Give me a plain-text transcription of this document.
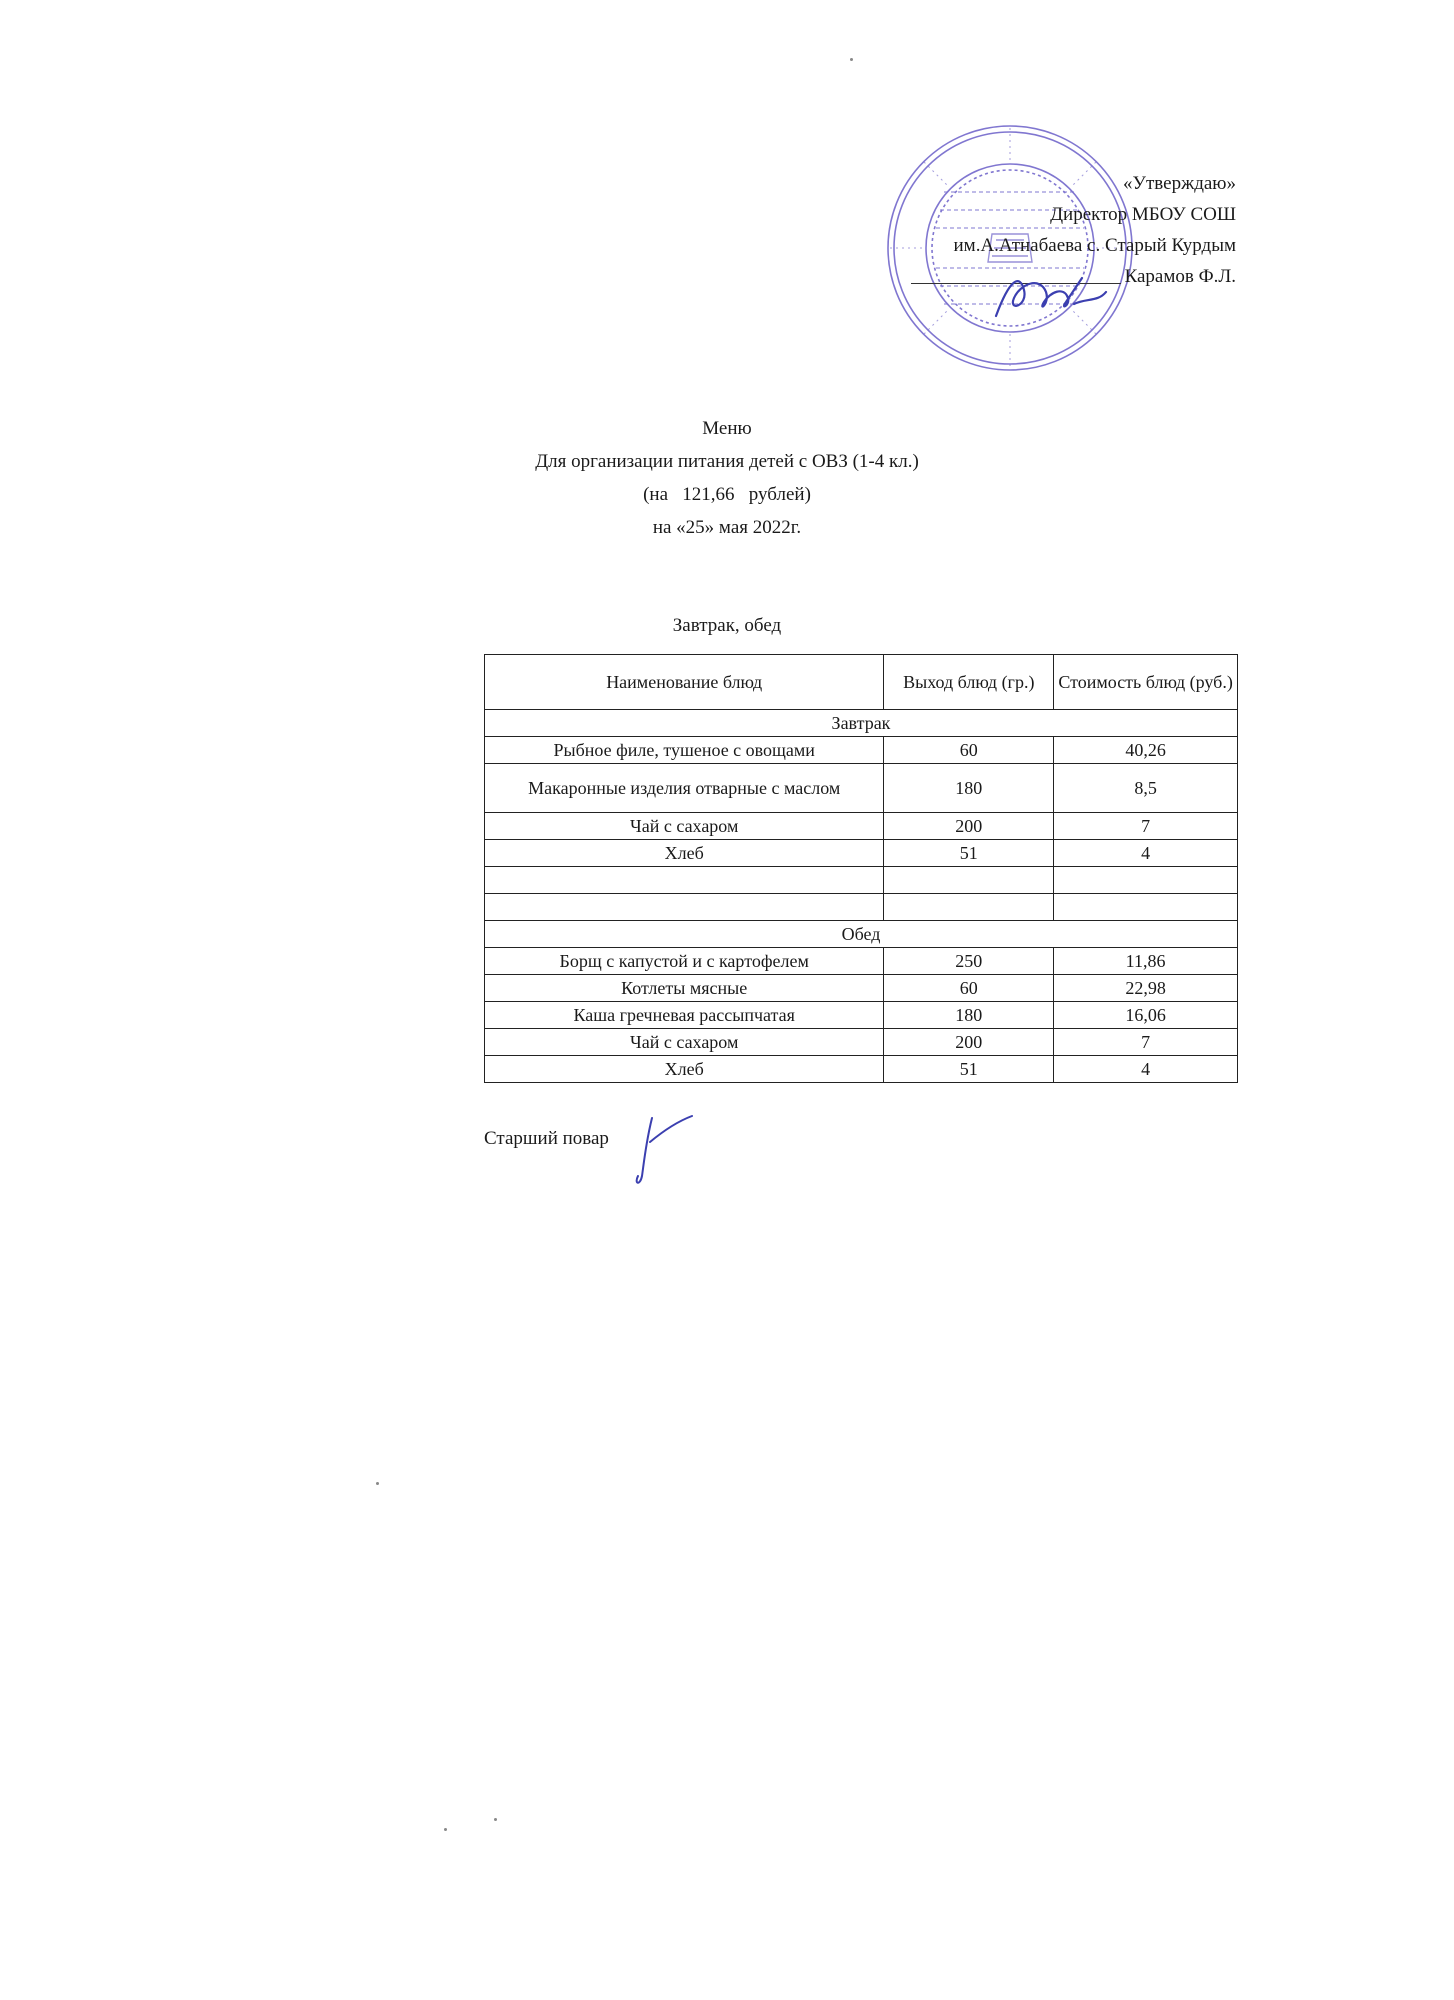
«Утверждаю»
Директор МБОУ СОШ
им.А.Атнабаева с. Старый Курдым
Карамов Ф.Л.
Меню
Для организации питания детей с ОВЗ (1-4 кл.)
(на   121,66   рублей)
на «25» мая 2022г.
Завтрак, обед
Наименование блюд	Выход блюд (гр.)	Стоимость блюд (руб.)
Завтрак		
Рыбное филе, тушеное с овощами	60	40,26
Макаронные изделия отварные с маслом	180	8,5
Чай с сахаром	200	7
Хлеб	51	4

Обед		
Борщ с капустой и с картофелем	250	11,86
Котлеты мясные	60	22,98
Каша гречневая рассыпчатая	180	16,06
Чай с сахаром	200	7
Хлеб	51	4
Старший повар
